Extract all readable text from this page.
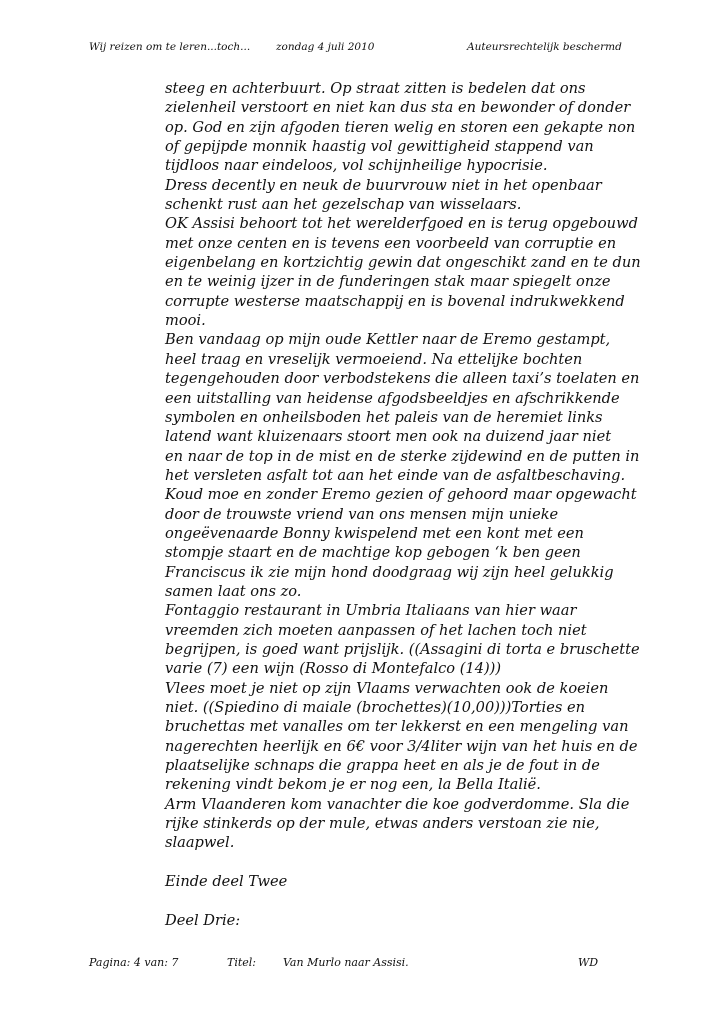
Wij reizen om te leren...toch... zondag 4 juli 2010	Auteursrechtelijk beschermd
steeg en achterbuurt. Op straat zitten is bedelen dat ons
zielenheil verstoort en niet kan dus sta en bewonder of donder
op. God en zijn afgoden tieren welig en storen een gekapte non
of gepijpde monnik haastig vol gewittigheid stappend van
tijdloos naar eindeloos, vol schijnheilige hypocrisie.
Dress decently en neuk de buurvrouw niet in het openbaar
schenkt rust aan het gezelschap van wisselaars.
OK Assisi behoort tot het werelderfgoed en is terug opgebouwd
met onze centen en is tevens een voorbeeld van corruptie en
eigenbelang en kortzichtig gewin dat ongeschikt zand en te dun
en te weinig ijzer in de funderingen stak maar spiegelt onze
corrupte westerse maatschappij en is bovenal indrukwekkend
mooi.
Ben vandaag op mijn oude Kettler naar de Eremo gestampt,
heel traag en vreselijk vermoeiend. Na ettelijke bochten
tegengehouden door verbodstekens die alleen taxi’s toelaten en
een uitstalling van heidense afgodsbeeldjes en afschrikkende
symbolen en onheilsboden het paleis van de heremiet links
latend want kluizenaars stoort men ook na duizend jaar niet
en naar de top in de mist en de sterke zijdewind en de putten in
het versleten asfalt tot aan het einde van de asfaltbeschaving.
Koud moe en zonder Eremo gezien of gehoord maar opgewacht
door de trouwste vriend van ons mensen mijn unieke
ongeëvenaarde Bonny kwispelend met een kont met een
stompje staart en de machtige kop gebogen ‘k ben geen
Franciscus ik zie mijn hond doodgraag wij zijn heel gelukkig
samen laat ons zo.
Fontaggio restaurant in Umbria Italiaans van hier waar
vreemden zich moeten aanpassen of het lachen toch niet
begrijpen, is goed want prijslijk. ((Assagini di torta e bruschette
varie (7) een wijn (Rosso di Montefalco (14)))
Vlees moet je niet op zijn Vlaams verwachten ook de koeien
niet. ((Spiedino di maiale (brochettes)(10,00)))Torties en
bruchettas met vanalles om ter lekkerst en een mengeling van
nagerechten heerlijk en 6€ voor 3/4liter wijn van het huis en de
plaatselijke schnaps die grappa heet en als je de fout in de
rekening vindt bekom je er nog een, la Bella Italië.
Arm Vlaanderen kom vanachter die koe godverdomme. Sla die
rijke stinkerds op der mule, etwas anders verstoan zie nie,
slaapwel.
Einde deel Twee
Deel Drie:
Pagina: 4 van: 7	Titel: Van Murlo naar Assisi.	WD
